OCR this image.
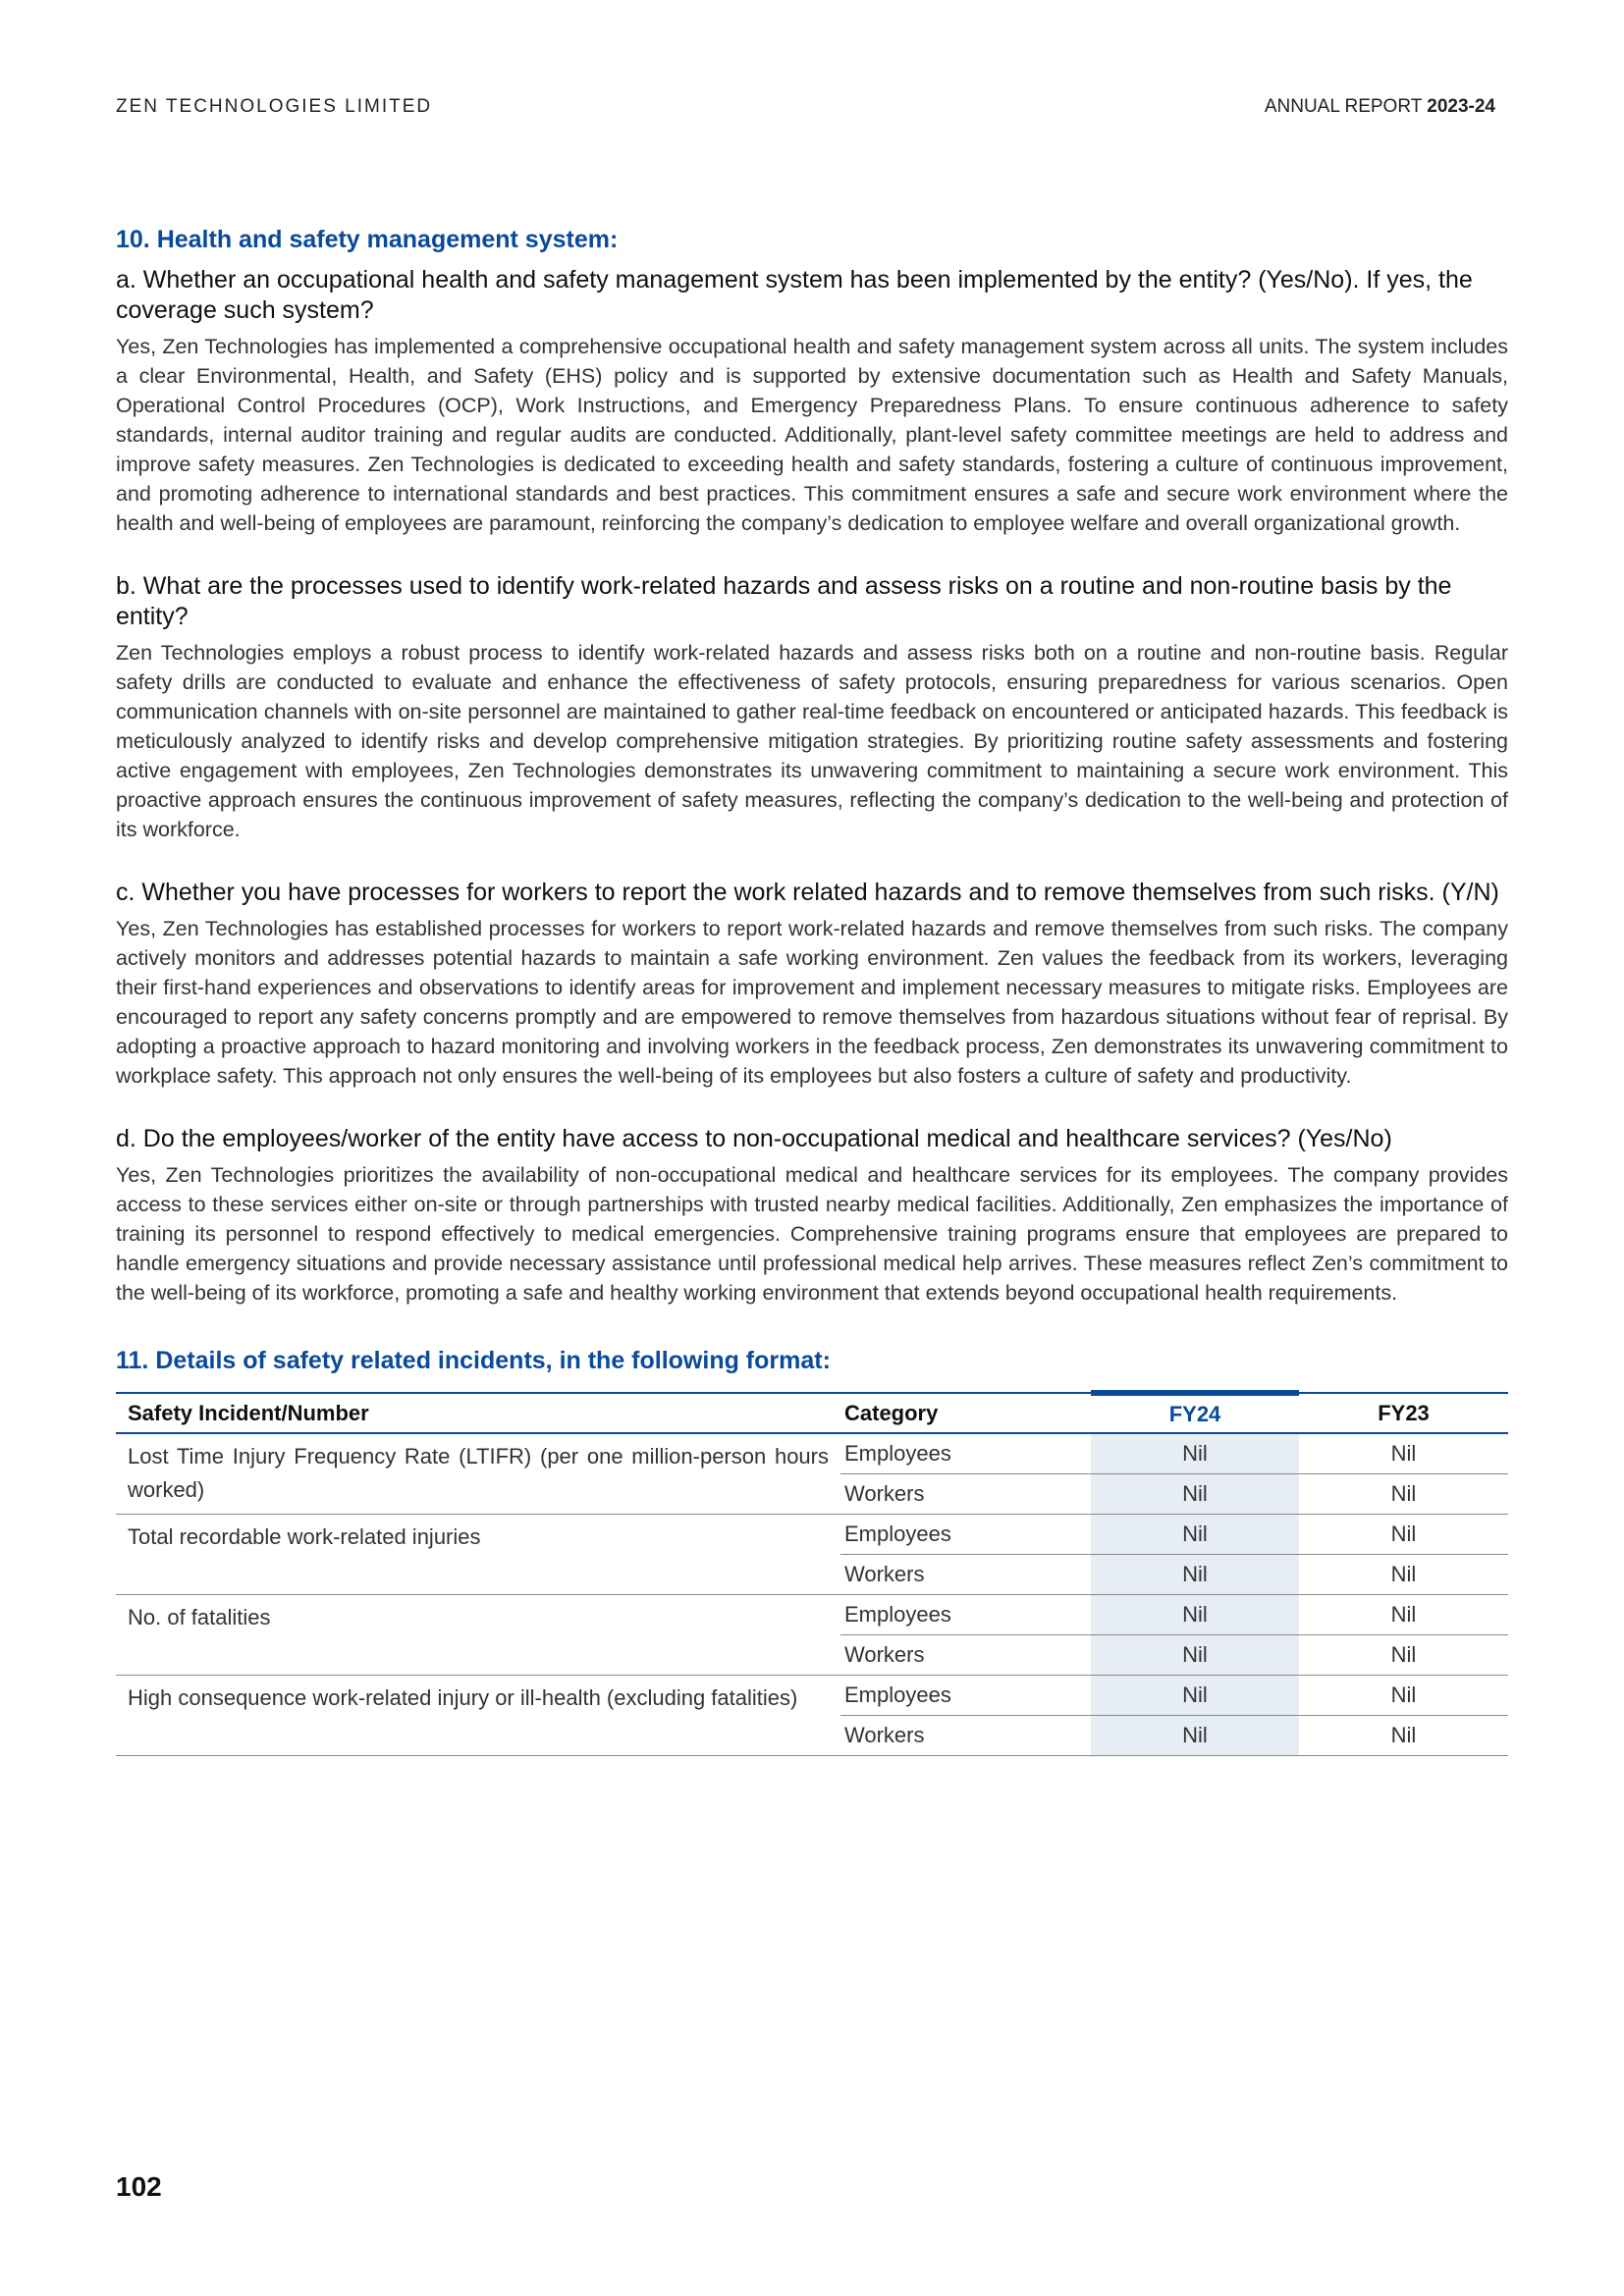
ZEN TECHNOLOGIES LIMITED	ANNUAL REPORT 2023-24
10. Health and safety management system:
a. Whether an occupational health and safety management system has been implemented by the entity? (Yes/No). If yes, the coverage such system?
Yes, Zen Technologies has implemented a comprehensive occupational health and safety management system across all units. The system includes a clear Environmental, Health, and Safety (EHS) policy and is supported by extensive documentation such as Health and Safety Manuals, Operational Control Procedures (OCP), Work Instructions, and Emergency Preparedness Plans. To ensure continuous adherence to safety standards, internal auditor training and regular audits are conducted. Additionally, plant-level safety committee meetings are held to address and improve safety measures. Zen Technologies is dedicated to exceeding health and safety standards, fostering a culture of continuous improvement, and promoting adherence to international standards and best practices. This commitment ensures a safe and secure work environment where the health and well-being of employees are paramount, reinforcing the company’s dedication to employee welfare and overall organizational growth.
b. What are the processes used to identify work-related hazards and assess risks on a routine and non-routine basis by the entity?
Zen Technologies employs a robust process to identify work-related hazards and assess risks both on a routine and non-routine basis. Regular safety drills are conducted to evaluate and enhance the effectiveness of safety protocols, ensuring preparedness for various scenarios. Open communication channels with on-site personnel are maintained to gather real-time feedback on encountered or anticipated hazards. This feedback is meticulously analyzed to identify risks and develop comprehensive mitigation strategies. By prioritizing routine safety assessments and fostering active engagement with employees, Zen Technologies demonstrates its unwavering commitment to maintaining a secure work environment. This proactive approach ensures the continuous improvement of safety measures, reflecting the company’s dedication to the well-being and protection of its workforce.
c. Whether you have processes for workers to report the work related hazards and to remove themselves from such risks. (Y/N)
Yes, Zen Technologies has established processes for workers to report work-related hazards and remove themselves from such risks. The company actively monitors and addresses potential hazards to maintain a safe working environment. Zen values the feedback from its workers, leveraging their first-hand experiences and observations to identify areas for improvement and implement necessary measures to mitigate risks. Employees are encouraged to report any safety concerns promptly and are empowered to remove themselves from hazardous situations without fear of reprisal. By adopting a proactive approach to hazard monitoring and involving workers in the feedback process, Zen demonstrates its unwavering commitment to workplace safety. This approach not only ensures the well-being of its employees but also fosters a culture of safety and productivity.
d. Do the employees/worker of the entity have access to non-occupational medical and healthcare services? (Yes/No)
Yes, Zen Technologies prioritizes the availability of non-occupational medical and healthcare services for its employees. The company provides access to these services either on-site or through partnerships with trusted nearby medical facilities. Additionally, Zen emphasizes the importance of training its personnel to respond effectively to medical emergencies. Comprehensive training programs ensure that employees are prepared to handle emergency situations and provide necessary assistance until professional medical help arrives. These measures reflect Zen’s commitment to the well-being of its workforce, promoting a safe and healthy working environment that extends beyond occupational health requirements.
11. Details of safety related incidents, in the following format:
Safety Incident/Number	Category	FY24	FY23
Lost Time Injury Frequency Rate (LTIFR) (per one million-person hours worked)	Employees	Nil	Nil
	Workers	Nil	Nil
Total recordable work-related injuries	Employees	Nil	Nil
	Workers	Nil	Nil
No. of fatalities	Employees	Nil	Nil
	Workers	Nil	Nil
High consequence work-related injury or ill-health (excluding fatalities)	Employees	Nil	Nil
	Workers	Nil	Nil
102
